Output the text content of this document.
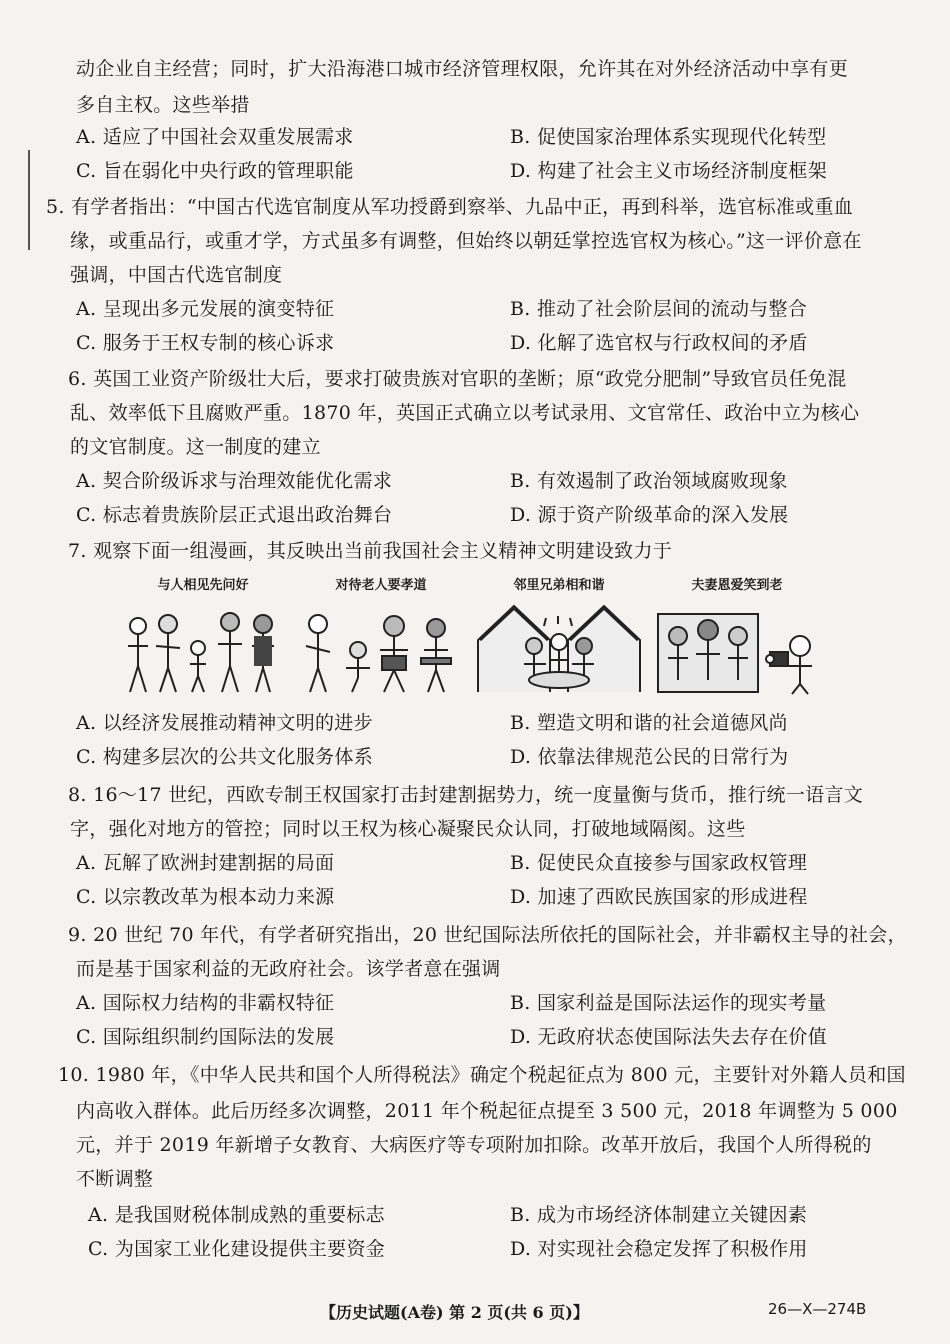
动企业自主经营；同时，扩大沿海港口城市经济管理权限，允许其在对外经济活动中享有更
多自主权。这些举措
A. 适应了中国社会双重发展需求	B. 促使国家治理体系实现现代化转型
C. 旨在弱化中央行政的管理职能	D. 构建了社会主义市场经济制度框架
5. 有学者指出：“中国古代选官制度从军功授爵到察举、九品中正，再到科举，选官标准或重血
缘，或重品行，或重才学，方式虽多有调整，但始终以朝廷掌控选官权为核心。”这一评价意在
强调，中国古代选官制度
A. 呈现出多元发展的演变特征	B. 推动了社会阶层间的流动与整合
C. 服务于王权专制的核心诉求	D. 化解了选官权与行政权间的矛盾
6. 英国工业资产阶级壮大后，要求打破贵族对官职的垄断；原“政党分肥制”导致官员任免混
乱、效率低下且腐败严重。1870 年，英国正式确立以考试录用、文官常任、政治中立为核心
的文官制度。这一制度的建立
A. 契合阶级诉求与治理效能优化需求	B. 有效遏制了政治领域腐败现象
C. 标志着贵族阶层正式退出政治舞台	D. 源于资产阶级革命的深入发展
7. 观察下面一组漫画，其反映出当前我国社会主义精神文明建设致力于
与人相见先问好	对待老人要孝道	邻里兄弟相和谐	夫妻恩爱笑到老
A. 以经济发展推动精神文明的进步	B. 塑造文明和谐的社会道德风尚
C. 构建多层次的公共文化服务体系	D. 依靠法律规范公民的日常行为
8. 16～17 世纪，西欧专制王权国家打击封建割据势力，统一度量衡与货币，推行统一语言文
字，强化对地方的管控；同时以王权为核心凝聚民众认同，打破地域隔阂。这些
A. 瓦解了欧洲封建割据的局面	B. 促使民众直接参与国家政权管理
C. 以宗教改革为根本动力来源	D. 加速了西欧民族国家的形成进程
9. 20 世纪 70 年代，有学者研究指出，20 世纪国际法所依托的国际社会，并非霸权主导的社会，
而是基于国家利益的无政府社会。该学者意在强调
A. 国际权力结构的非霸权特征	B. 国家利益是国际法运作的现实考量
C. 国际组织制约国际法的发展	D. 无政府状态使国际法失去存在价值
10. 1980 年，《中华人民共和国个人所得税法》确定个税起征点为 800 元，主要针对外籍人员和国
内高收入群体。此后历经多次调整，2011 年个税起征点提至 3 500 元，2018 年调整为 5 000
元，并于 2019 年新增子女教育、大病医疗等专项附加扣除。改革开放后，我国个人所得税的
不断调整
A. 是我国财税体制成熟的重要标志	B. 成为市场经济体制建立关键因素
C. 为国家工业化建设提供主要资金	D. 对实现社会稳定发挥了积极作用
【历史试题(A卷) 第 2 页(共 6 页)】	26—X—274B
